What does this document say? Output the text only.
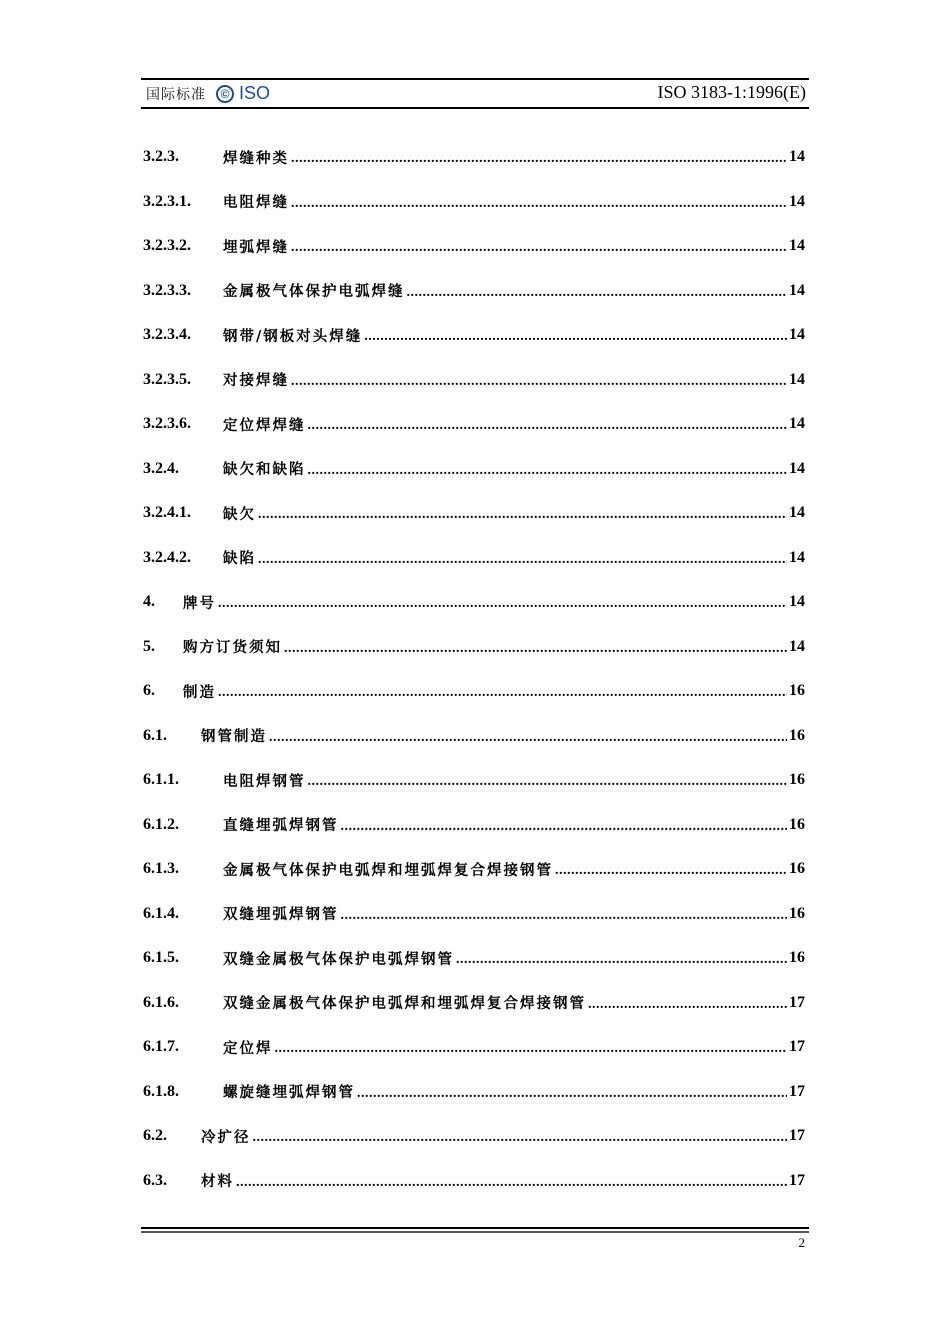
国际标准	© ISO	ISO 3183-1:1996(E)
3.2.3.	焊缝种类 .....	14
3.2.3.1.	电阻焊缝 .....	14
3.2.3.2.	埋弧焊缝 .....	14
3.2.3.3.	金属极气体保护电弧焊缝 .....	14
3.2.3.4.	钢带/钢板对头焊缝 .....	14
3.2.3.5.	对接焊缝 .....	14
3.2.3.6.	定位焊焊缝 .....	14
3.2.4.	缺欠和缺陷 .....	14
3.2.4.1.	缺欠 .....	14
3.2.4.2.	缺陷 .....	14
4.	牌号 .....	14
5.	购方订货须知 .....	14
6.	制造 .....	16
6.1.	钢管制造 .....	16
6.1.1.	电阻焊钢管 .....	16
6.1.2.	直缝埋弧焊钢管 .....	16
6.1.3.	金属极气体保护电弧焊和埋弧焊复合焊接钢管 .....	16
6.1.4.	双缝埋弧焊钢管 .....	16
6.1.5.	双缝金属极气体保护电弧焊钢管 .....	16
6.1.6.	双缝金属极气体保护电弧焊和埋弧焊复合焊接钢管 .....	17
6.1.7.	定位焊 .....	17
6.1.8.	螺旋缝埋弧焊钢管 .....	17
6.2.	冷扩径 .....	17
6.3.	材料 .....	17
2
